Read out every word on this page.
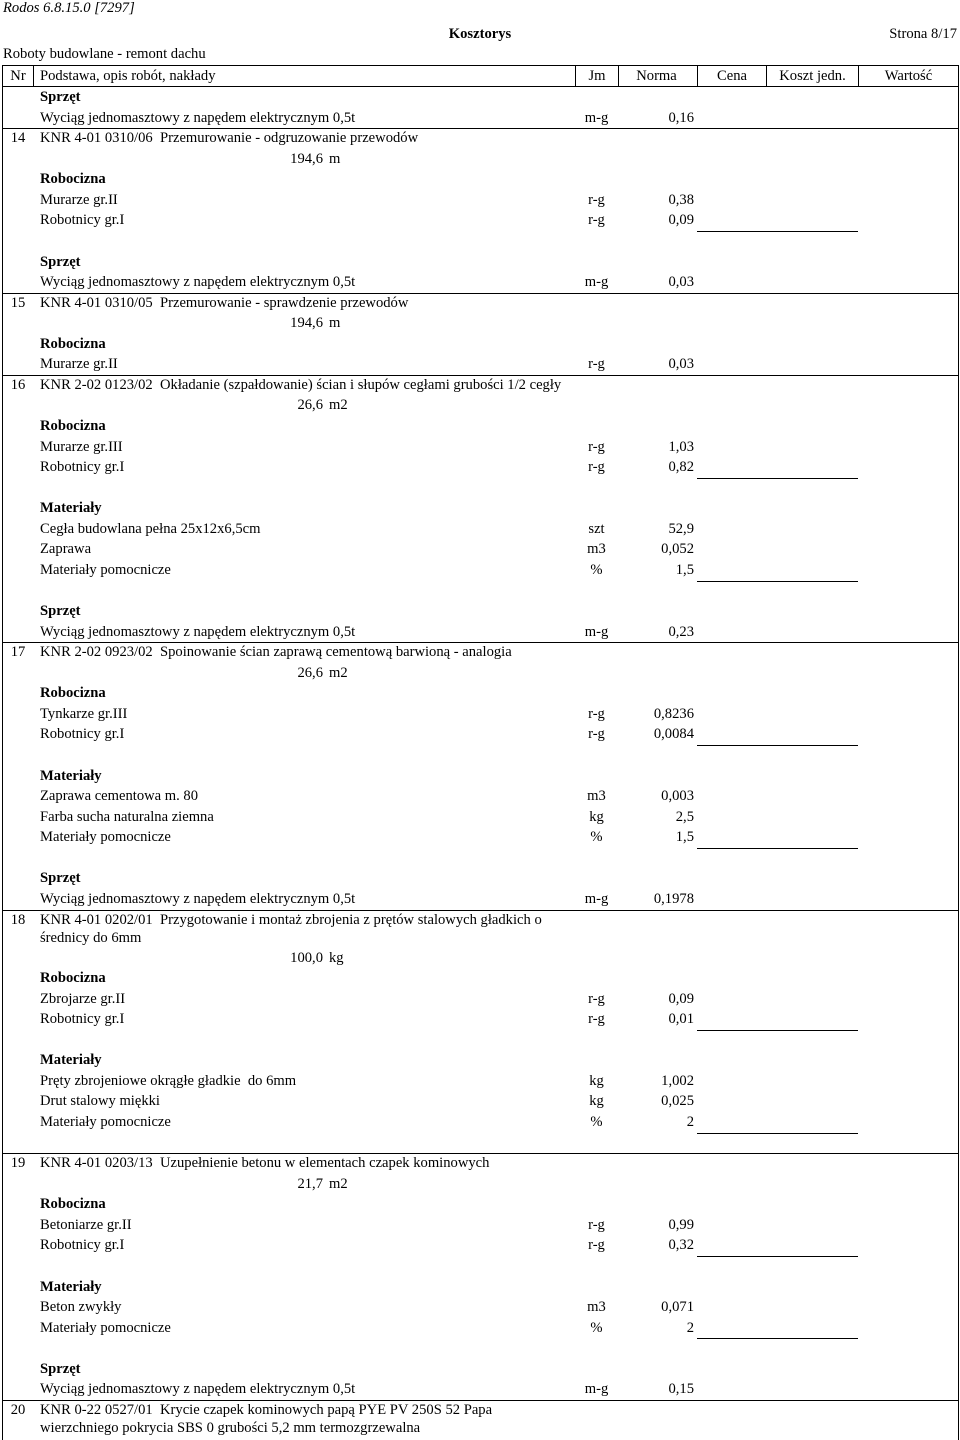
Rodos 6.8.15.0 [7297]
Kosztorys	Strona 8/17
Roboty budowlane - remont dachu
Nr Podstawa, opis robót, nakłady	Jm	Norma	Cena	Koszt jedn.	Wartość
Sprzęt
Wyciąg jednomasztowy z napędem elektrycznym 0,5t	m-g	0,16
14	KNR 4-01 0310/06  Przemurowanie - odgruzowanie przewodów
194,6 m
Robocizna
Murarze gr.II	r-g	0,38
Robotnicy gr.I	r-g	0,09
Sprzęt
Wyciąg jednomasztowy z napędem elektrycznym 0,5t	m-g	0,03
15	KNR 4-01 0310/05  Przemurowanie - sprawdzenie przewodów
194,6 m
Robocizna
Murarze gr.II	r-g	0,03
16	KNR 2-02 0123/02  Okładanie (szpałdowanie) ścian i słupów cegłami grubości 1/2 cegły
26,6 m2
Robocizna
Murarze gr.III	r-g	1,03
Robotnicy gr.I	r-g	0,82
Materiały
Cegła budowlana pełna 25x12x6,5cm	szt	52,9
Zaprawa	m3	0,052
Materiały pomocnicze	%	1,5
Sprzęt
Wyciąg jednomasztowy z napędem elektrycznym 0,5t	m-g	0,23
17	KNR 2-02 0923/02  Spoinowanie ścian zaprawą cementową barwioną - analogia
26,6 m2
Robocizna
Tynkarze gr.III	r-g	0,8236
Robotnicy gr.I	r-g	0,0084
Materiały
Zaprawa cementowa m. 80	m3	0,003
Farba sucha naturalna ziemna	kg	2,5
Materiały pomocnicze	%	1,5
Sprzęt
Wyciąg jednomasztowy z napędem elektrycznym 0,5t	m-g	0,1978
18	KNR 4-01 0202/01  Przygotowanie i montaż zbrojenia z prętów stalowych gładkich o
średnicy do 6mm
100,0 kg
Robocizna
Zbrojarze gr.II	r-g	0,09
Robotnicy gr.I	r-g	0,01
Materiały
Pręty zbrojeniowe okrągłe gładkie  do 6mm	kg	1,002
Drut stalowy miękki	kg	0,025
Materiały pomocnicze	%	2
19	KNR 4-01 0203/13  Uzupełnienie betonu w elementach czapek kominowych
21,7 m2
Robocizna
Betoniarze gr.II	r-g	0,99
Robotnicy gr.I	r-g	0,32
Materiały
Beton zwykły	m3	0,071
Materiały pomocnicze	%	2
Sprzęt
Wyciąg jednomasztowy z napędem elektrycznym 0,5t	m-g	0,15
20	KNR 0-22 0527/01  Krycie czapek kominowych papą PYE PV 250S 52 Papa
wierzchniego pokrycia SBS 0 grubości 5,2 mm termozgrzewalna
